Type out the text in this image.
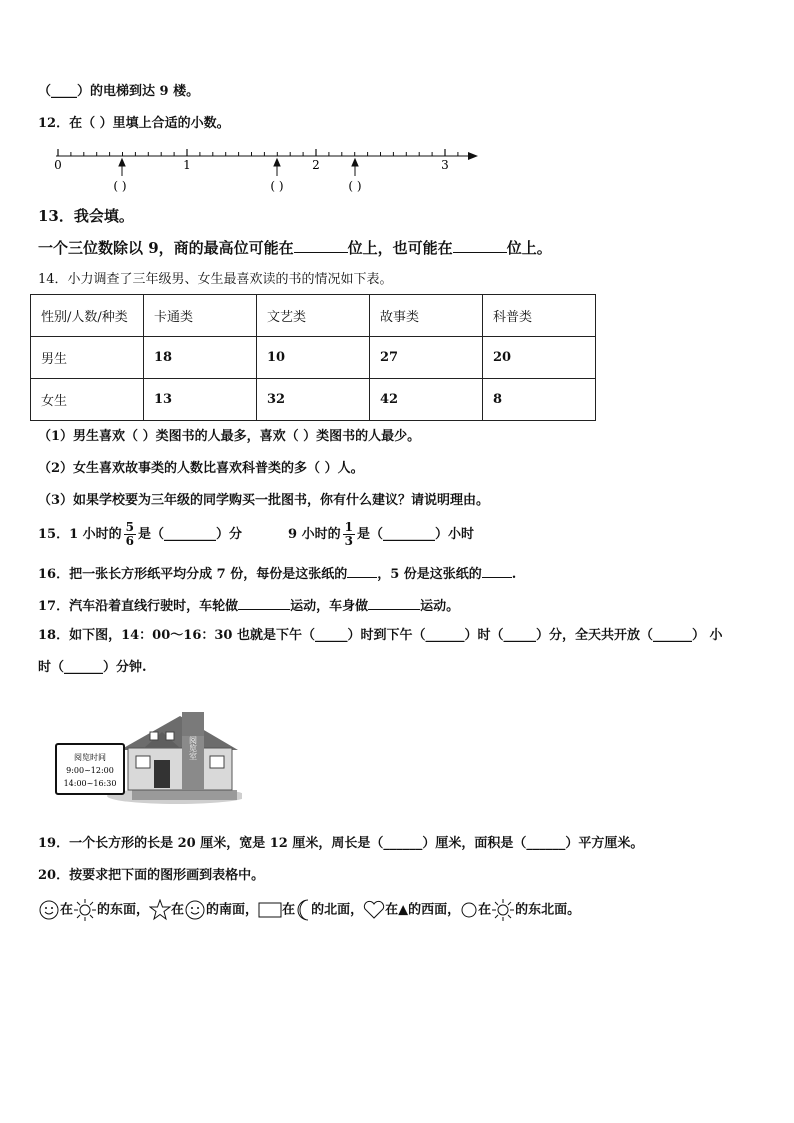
（____）的电梯到达 9 楼。
12．在（ ）里填上合适的小数。
0	1	2	3
( )	( )	( )
13．我会填。
一个三位数除以 9，商的最高位可能在	位上，也可能在	位上。
14．小力调查了三年级男、女生最喜欢读的书的情况如下表。
性别/人数/种类	卡通类	文艺类	故事类	科普类
男生	18	10	27	20
女生	13	32	42	8
（1）男生喜欢（ ）类图书的人最多，喜欢（ ）类图书的人最少。
（2）女生喜欢故事类的人数比喜欢科普类的多（ ）人。
（3）如果学校要为三年级的同学购买一批图书，你有什么建议？请说明理由。
15．1 小时的 $\frac{5}{6}$ 是（________）分	9 小时的 $\frac{1}{3}$ 是（________）小时
16．把一张长方形纸平均分成 7 份，每份是这张纸的 ，5 份是这张纸的 .
17．汽车沿着直线行驶时，车轮做	运动，车身做	运动。
18．如下图，14：00～16：30 也就是下午（_____）时到下午（______）时（_____）分，全天共开放（______） 小
时（______）分钟.
阅览室
阅览时间
9:00~12:00
14:00~16:30
19．一个长方形的长是 20 厘米，宽是 12 厘米，周长是（______）厘米，面积是（______）平方厘米。
20．按要求把下面的图形画到表格中。
在 的东面， 在 的南面， 在 的北面， 在▲的西面， 在 的东北面。
